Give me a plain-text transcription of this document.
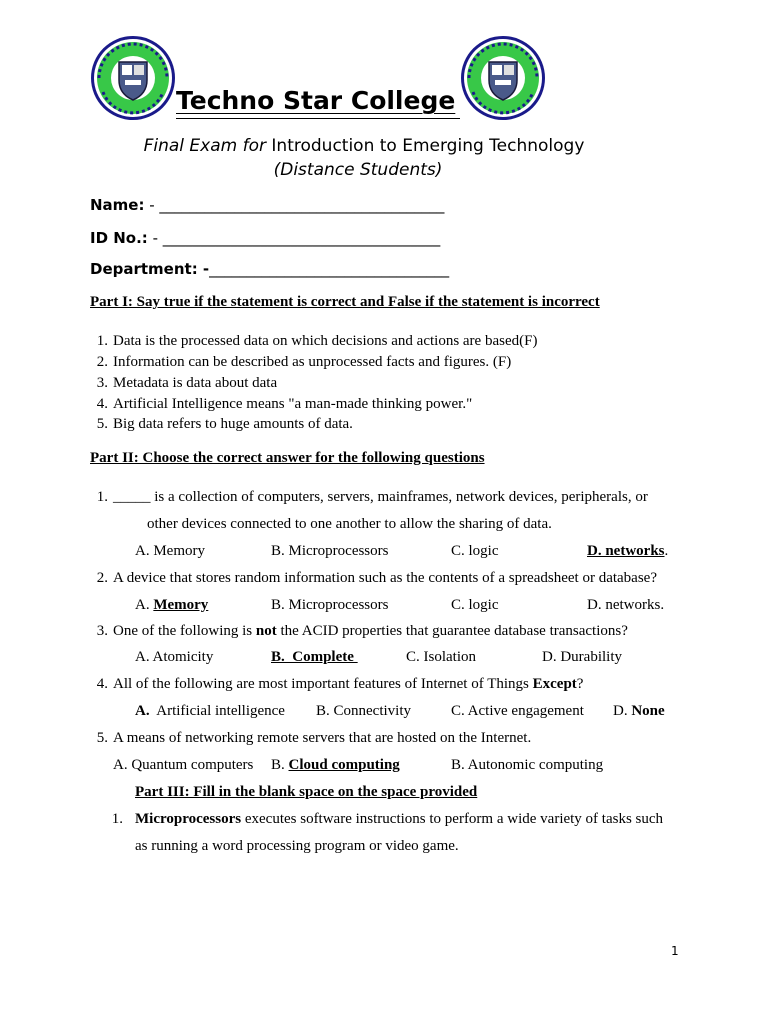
Techno Star College
Final Exam for Introduction to Emerging Technology
(Distance Students)
Name: - ______________________________________
ID No.: - _____________________________________
Department: -________________________________
Part I: Say true if the statement is correct and False if the statement is incorrect
1. Data is the processed data on which decisions and actions are based(F)
2. Information can be described as unprocessed facts and figures. (F)
3. Metadata is data about data
4. Artificial Intelligence means "a man-made thinking power."
5. Big data refers to huge amounts of data.
Part II: Choose the correct answer for the following questions
1. _____ is a collection of computers, servers, mainframes, network devices, peripherals, or
other devices connected to one another to allow the sharing of data.
A. Memory	B. Microprocessors	C. logic	D. networks.
2. A device that stores random information such as the contents of a spreadsheet or database?
A. Memory	B. Microprocessors	C. logic	D. networks.
3. One of the following is not the ACID properties that guarantee database transactions?
A. Atomicity	B.  Complete	C. Isolation	D. Durability
4. All of the following are most important features of Internet of Things Except?
A.  Artificial intelligence B. Connectivity	C. Active engagement D. None
5. A means of networking remote servers that are hosted on the Internet.
A. Quantum computers B. Cloud computing	B. Autonomic computing
Part III: Fill in the blank space on the space provided
1. Microprocessors executes software instructions to perform a wide variety of tasks such
as running a word processing program or video game.
1
